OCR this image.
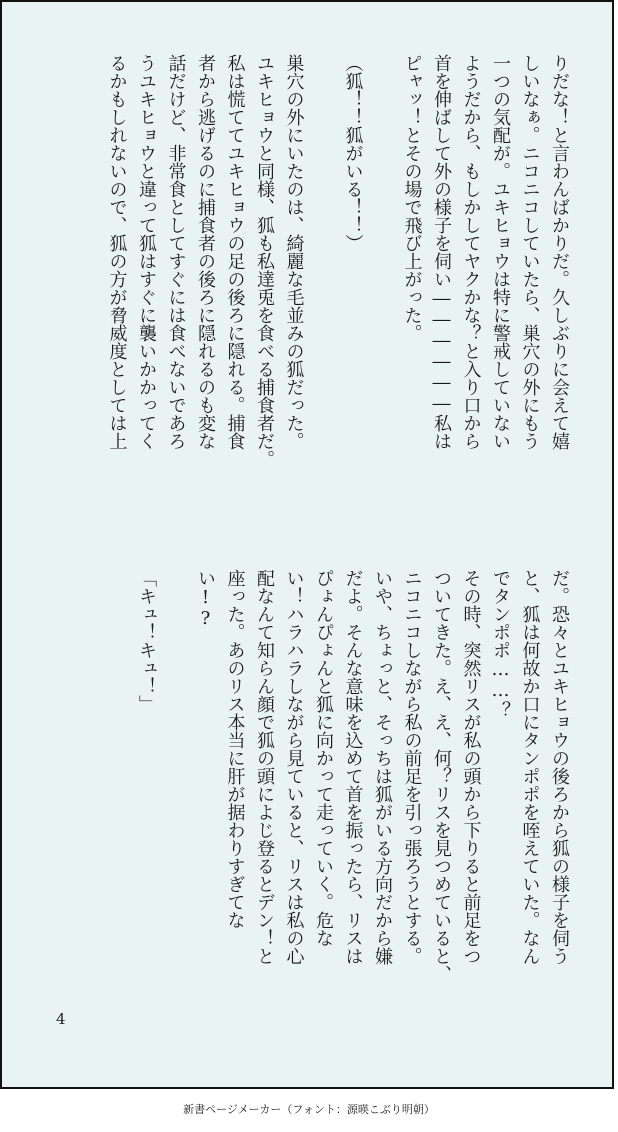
りだな！と言わんばかりだ。久しぶりに会えて嬉
しいなぁ。ニコニコしていたら、巣穴の外にもう
一つの気配が。ユキヒョウは特に警戒していない
ようだから、もしかしてヤクかな？と入り口から
首を伸ばして外の様子を伺い――――――私は
ピャッ！とその場で飛び上がった。
（狐！！狐がいる！！）
巣穴の外にいたのは、綺麗な毛並みの狐だった。
ユキヒョウと同様、狐も私達兎を食べる捕食者だ。
私は慌ててユキヒョウの足の後ろに隠れる。捕食
者から逃げるのに捕食者の後ろに隠れるのも変な
話だけど、非常食としてすぐには食べないであろ
うユキヒョウと違って狐はすぐに襲いかかってく
るかもしれないので、狐の方が脅威度としては上
だ。恐々とユキヒョウの後ろから狐の様子を伺う
と、狐は何故か口にタンポポを咥えていた。なん
でタンポポ……？
その時、突然リスが私の頭から下りると前足をつ
ついてきた。え、え、何？リスを見つめていると、
ニコニコしながら私の前足を引っ張ろうとする。
いや、ちょっと、そっちは狐がいる方向だから嫌
だよ。そんな意味を込めて首を振ったら、リスは
ぴょんぴょんと狐に向かって走っていく。危な
い！ハラハラしながら見ていると、リスは私の心
配なんて知らん顔で狐の頭によじ登るとデン！と
座った。あのリス本当に肝が据わりすぎてな
い!?
「キュ！キュ！」
4
新書ページメーカー（フォント：源暎こぶり明朝）
